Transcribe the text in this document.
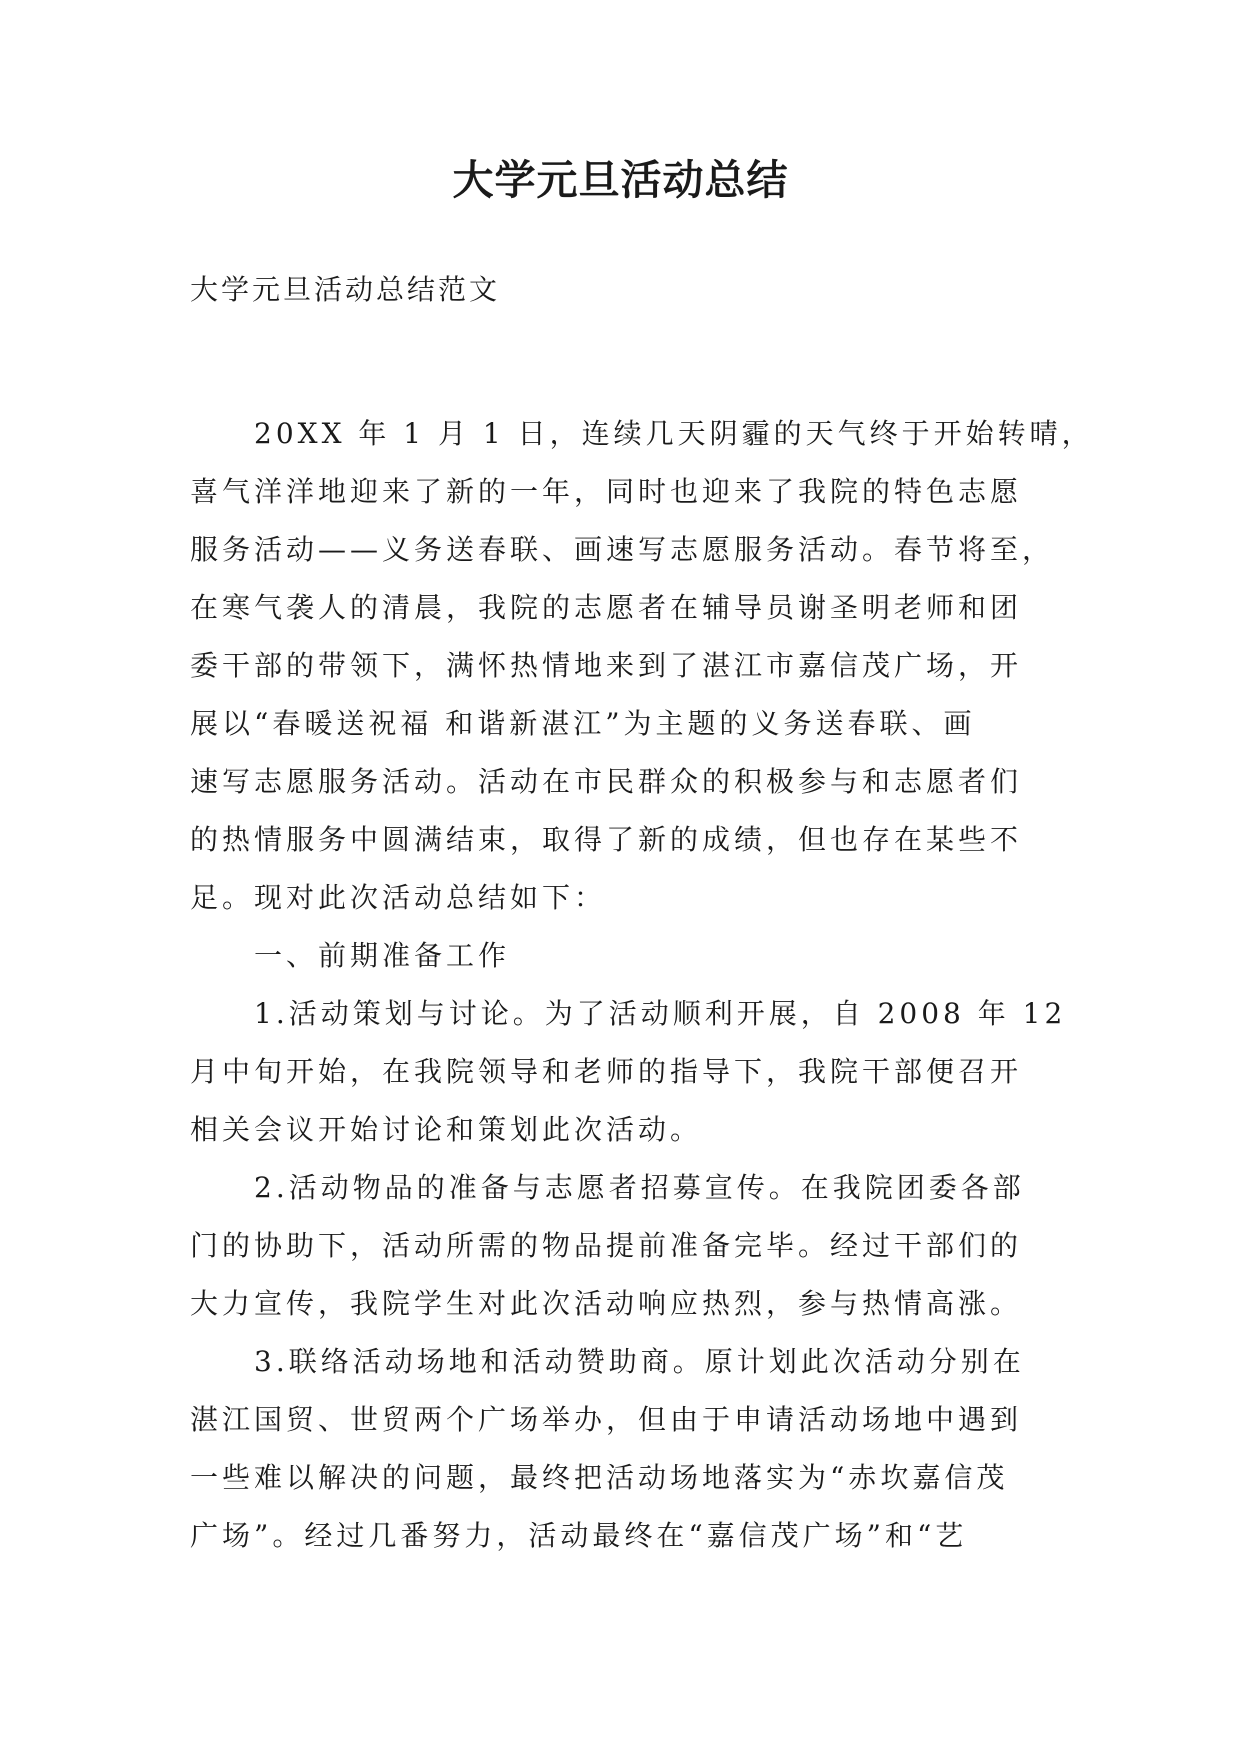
大学元旦活动总结
大学元旦活动总结范文
20XX 年 1 月 1 日，连续几天阴霾的天气终于开始转晴，
喜气洋洋地迎来了新的一年，同时也迎来了我院的特色志愿
服务活动——义务送春联、画速写志愿服务活动。春节将至，
在寒气袭人的清晨，我院的志愿者在辅导员谢圣明老师和团
委干部的带领下，满怀热情地来到了湛江市嘉信茂广场，开
展以“春暖送祝福 和谐新湛江”为主题的义务送春联、画
速写志愿服务活动。活动在市民群众的积极参与和志愿者们
的热情服务中圆满结束，取得了新的成绩，但也存在某些不
足。现对此次活动总结如下：
一、前期准备工作
1.活动策划与讨论。为了活动顺利开展，自 2008 年 12
月中旬开始，在我院领导和老师的指导下，我院干部便召开
相关会议开始讨论和策划此次活动。
2.活动物品的准备与志愿者招募宣传。在我院团委各部
门的协助下，活动所需的物品提前准备完毕。经过干部们的
大力宣传，我院学生对此次活动响应热烈，参与热情高涨。
3.联络活动场地和活动赞助商。原计划此次活动分别在
湛江国贸、世贸两个广场举办，但由于申请活动场地中遇到
一些难以解决的问题，最终把活动场地落实为“赤坎嘉信茂
广场”。经过几番努力，活动最终在“嘉信茂广场”和“艺
